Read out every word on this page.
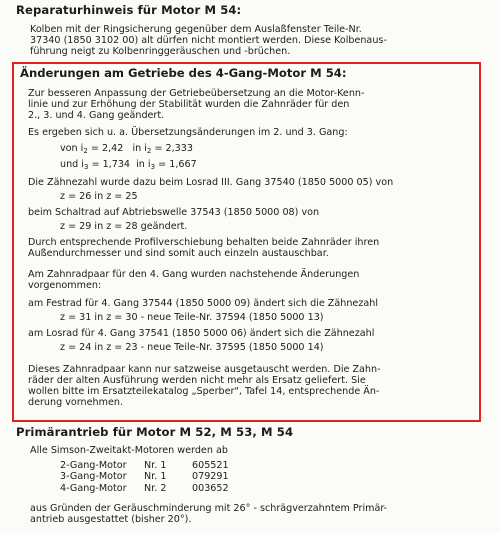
Reparaturhinweis für Motor M 54:
Kolben mit der Ringsicherung gegenüber dem Auslaßfenster Teile-Nr.
37340 (1850 3102 00) alt dürfen nicht montiert werden. Diese Kolbenaus-
führung neigt zu Kolbenringgeräuschen und -brüchen.
Änderungen am Getriebe des 4-Gang-Motor M 54:
Zur besseren Anpassung der Getriebeübersetzung an die Motor-Kenn-
linie und zur Erhöhung der Stabilität wurden die Zahnräder für den
2., 3. und 4. Gang geändert.
Es ergeben sich u. a. Übersetzungsänderungen im 2. und 3. Gang:
von $i_2 = 2,42$   in $i_2 = 2,333$
und $i_3 = 1,734$  in $i_3 = 1,667$
Die Zähnezahl wurde dazu beim Losrad III. Gang 37540 (1850 5000 05) von
z = 26 in z = 25
beim Schaltrad auf Abtriebswelle 37543 (1850 5000 08) von
z = 29 in z = 28 geändert.
Durch entsprechende Profilverschiebung behalten beide Zahnräder ihren
Außendurchmesser und sind somit auch einzeln austauschbar.
Am Zahnradpaar für den 4. Gang wurden nachstehende Änderungen
vorgenommen:
am Festrad für 4. Gang 37544 (1850 5000 09) ändert sich die Zähnezahl
z = 31 in z = 30 - neue Teile-Nr. 37594 (1850 5000 13)
am Losrad für 4. Gang 37541 (1850 5000 06) ändert sich die Zähnezahl
z = 24 in z = 23 - neue Teile-Nr. 37595 (1850 5000 14)
Dieses Zahnradpaar kann nur satzweise ausgetauscht werden. Die Zahn-
räder der alten Ausführung werden nicht mehr als Ersatz geliefert. Sie
wollen bitte im Ersatzteilekatalog „Sperber", Tafel 14, entsprechende Än-
derung vornehmen.
Primärantrieb für Motor M 52, M 53, M 54
Alle Simson-Zweitakt-Motoren werden ab
2-Gang-Motor	Nr. 1	605521
3-Gang-Motor	Nr. 1	079291
4-Gang-Motor	Nr. 2	003652
aus Gründen der Geräuschminderung mit 26° - schrägverzahntem Primär-
antrieb ausgestattet (bisher 20°).
